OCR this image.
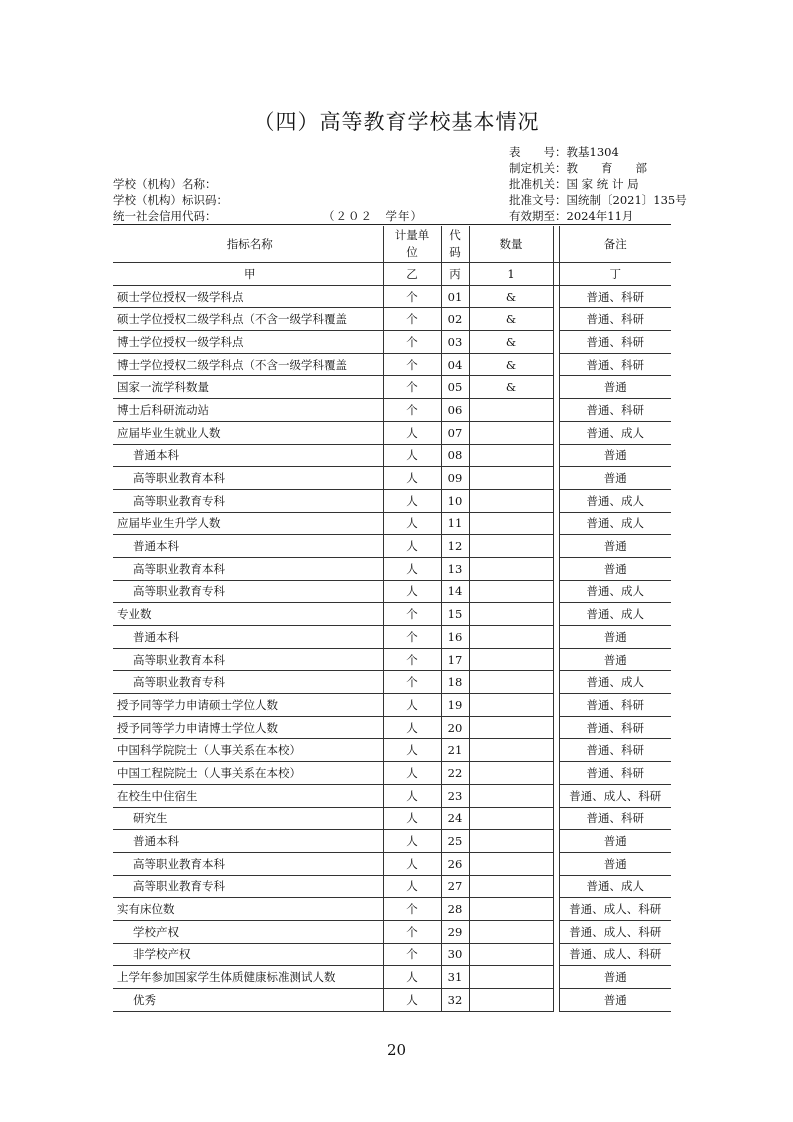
（四）高等教育学校基本情况
表　　号：教基1304
制定机关：教　　育　　部
批准机关：国 家 统 计 局
批准文号：国统制〔2021〕135号
有效期至：2024年11月
学校（机构）名称：
学校（机构）标识码：
统一社会信用代码：	（２０２　学年）
指标名称	计量单位	代码	数量		备注
甲	乙	丙	1		丁
硕士学位授权一级学科点	个	01	&		普通、科研
硕士学位授权二级学科点（不含一级学科覆盖	个	02	&		普通、科研
博士学位授权一级学科点	个	03	&		普通、科研
博士学位授权二级学科点（不含一级学科覆盖	个	04	&		普通、科研
国家一流学科数量	个	05	&		普通
博士后科研流动站	个	06			普通、科研
应届毕业生就业人数	人	07			普通、成人
普通本科	人	08			普通
高等职业教育本科	人	09			普通
高等职业教育专科	人	10			普通、成人
应届毕业生升学人数	人	11			普通、成人
普通本科	人	12			普通
高等职业教育本科	人	13			普通
高等职业教育专科	人	14			普通、成人
专业数	个	15			普通、成人
普通本科	个	16			普通
高等职业教育本科	个	17			普通
高等职业教育专科	个	18			普通、成人
授予同等学力申请硕士学位人数	人	19			普通、科研
授予同等学力申请博士学位人数	人	20			普通、科研
中国科学院院士（人事关系在本校）	人	21			普通、科研
中国工程院院士（人事关系在本校）	人	22			普通、科研
在校生中住宿生	人	23			普通、成人、科研
研究生	人	24			普通、科研
普通本科	人	25			普通
高等职业教育本科	人	26			普通
高等职业教育专科	人	27			普通、成人
实有床位数	个	28			普通、成人、科研
学校产权	个	29			普通、成人、科研
非学校产权	个	30			普通、成人、科研
上学年参加国家学生体质健康标准测试人数	人	31			普通
优秀	人	32			普通
20
